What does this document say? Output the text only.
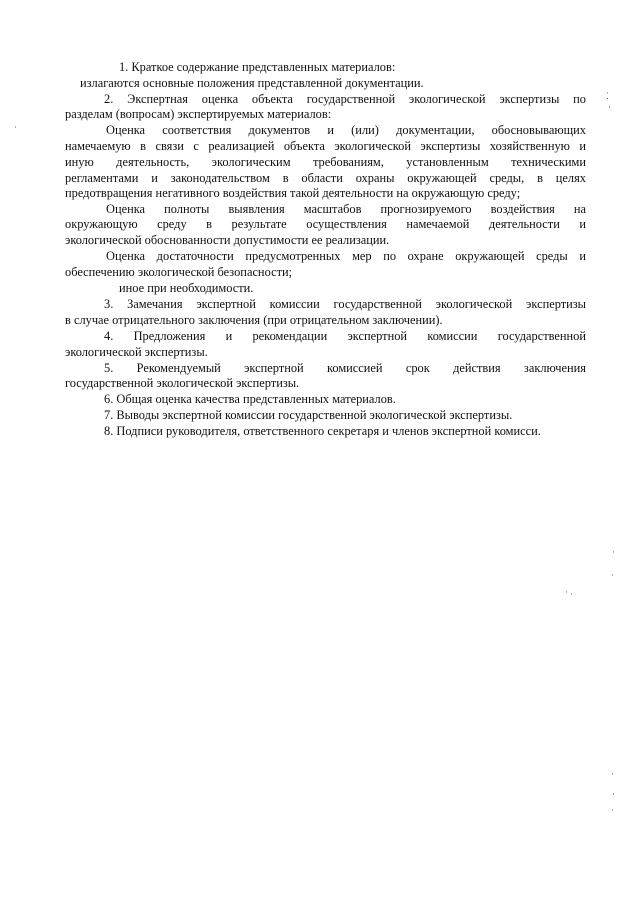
1. Краткое содержание представленных материалов:

излагаются основные положения представленной документации.

2. Экспертная оценка объекта государственной экологической экспертизы по

разделам (вопросам) экспертируемых материалов:

Оценка соответствия документов и (или) документации, обосновывающих

намечаемую в связи с реализацией объекта экологической экспертизы хозяйственную и

иную деятельность, экологическим требованиям, установленным техническими

регламентами и законодательством в области охраны окружающей среды, в целях

предотвращения негативного воздействия такой деятельности на окружающую среду;

Оценка полноты выявления масштабов прогнозируемого воздействия на

окружающую среду в результате осуществления намечаемой деятельности и

экологической обоснованности допустимости ее реализации.

Оценка достаточности предусмотренных мер по охране окружающей среды и

обеспечению экологической безопасности;

иное при необходимости.

3. Замечания экспертной комиссии государственной экологической экспертизы

в случае отрицательного заключения (при отрицательном заключении).

4. Предложения и рекомендации экспертной комиссии государственной

экологической экспертизы.

5. Рекомендуемый экспертной комиссией срок действия заключения

государственной экологической экспертизы.

6. Общая оценка качества представленных материалов.

7. Выводы экспертной комиссии государственной экологической экспертизы.

8. Подписи руководителя, ответственного секретаря и членов экспертной комисси.

·
⁚
·
·
·
· ·
·
·
·
